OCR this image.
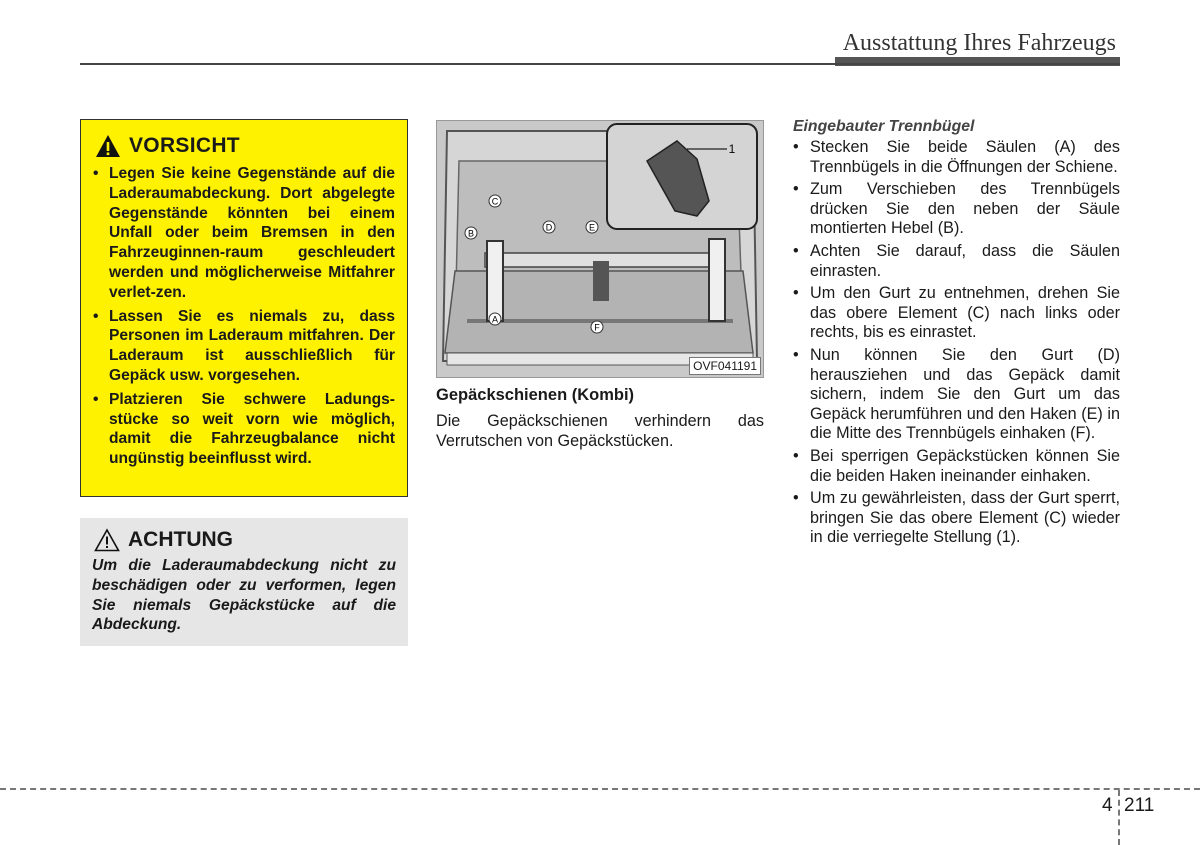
Ausstattung Ihres Fahrzeugs
VORSICHT
• Legen Sie keine Gegenstände auf die Laderaumabdeckung. Dort abgelegte Gegenstände könnten bei einem Unfall oder beim Bremsen in den Fahrzeuginnen-raum geschleudert werden und möglicherweise Mitfahrer verlet-zen.
• Lassen Sie es niemals zu, dass Personen im Laderaum mitfahren. Der Laderaum ist ausschließlich für Gepäck usw. vorgesehen.
• Platzieren Sie schwere Ladungs-stücke so weit vorn wie möglich, damit die Fahrzeugbalance nicht ungünstig beeinflusst wird.
ACHTUNG
Um die Laderaumabdeckung nicht zu beschädigen oder zu verformen, legen Sie niemals Gepäckstücke auf die Abdeckung.
C
B
D	E
A
F
1
OVF041191
Gepäckschienen (Kombi)
Die Gepäckschienen verhindern das Verrutschen von Gepäckstücken.
Eingebauter Trennbügel
• Stecken Sie beide Säulen (A) des Trennbügels in die Öffnungen der Schiene.
• Zum Verschieben des Trennbügels drücken Sie den neben der Säule montierten Hebel (B).
• Achten Sie darauf, dass die Säulen einrasten.
• Um den Gurt zu entnehmen, drehen Sie das obere Element (C) nach links oder rechts, bis es einrastet.
• Nun können Sie den Gurt (D) herausziehen und das Gepäck damit sichern, indem Sie den Gurt um das Gepäck herumführen und den Haken (E) in die Mitte des Trennbügels einhaken (F).
• Bei sperrigen Gepäckstücken können Sie die beiden Haken ineinander einhaken.
• Um zu gewährleisten, dass der Gurt sperrt, bringen Sie das obere Element (C) wieder in die verriegelte Stellung (1).
4 211
